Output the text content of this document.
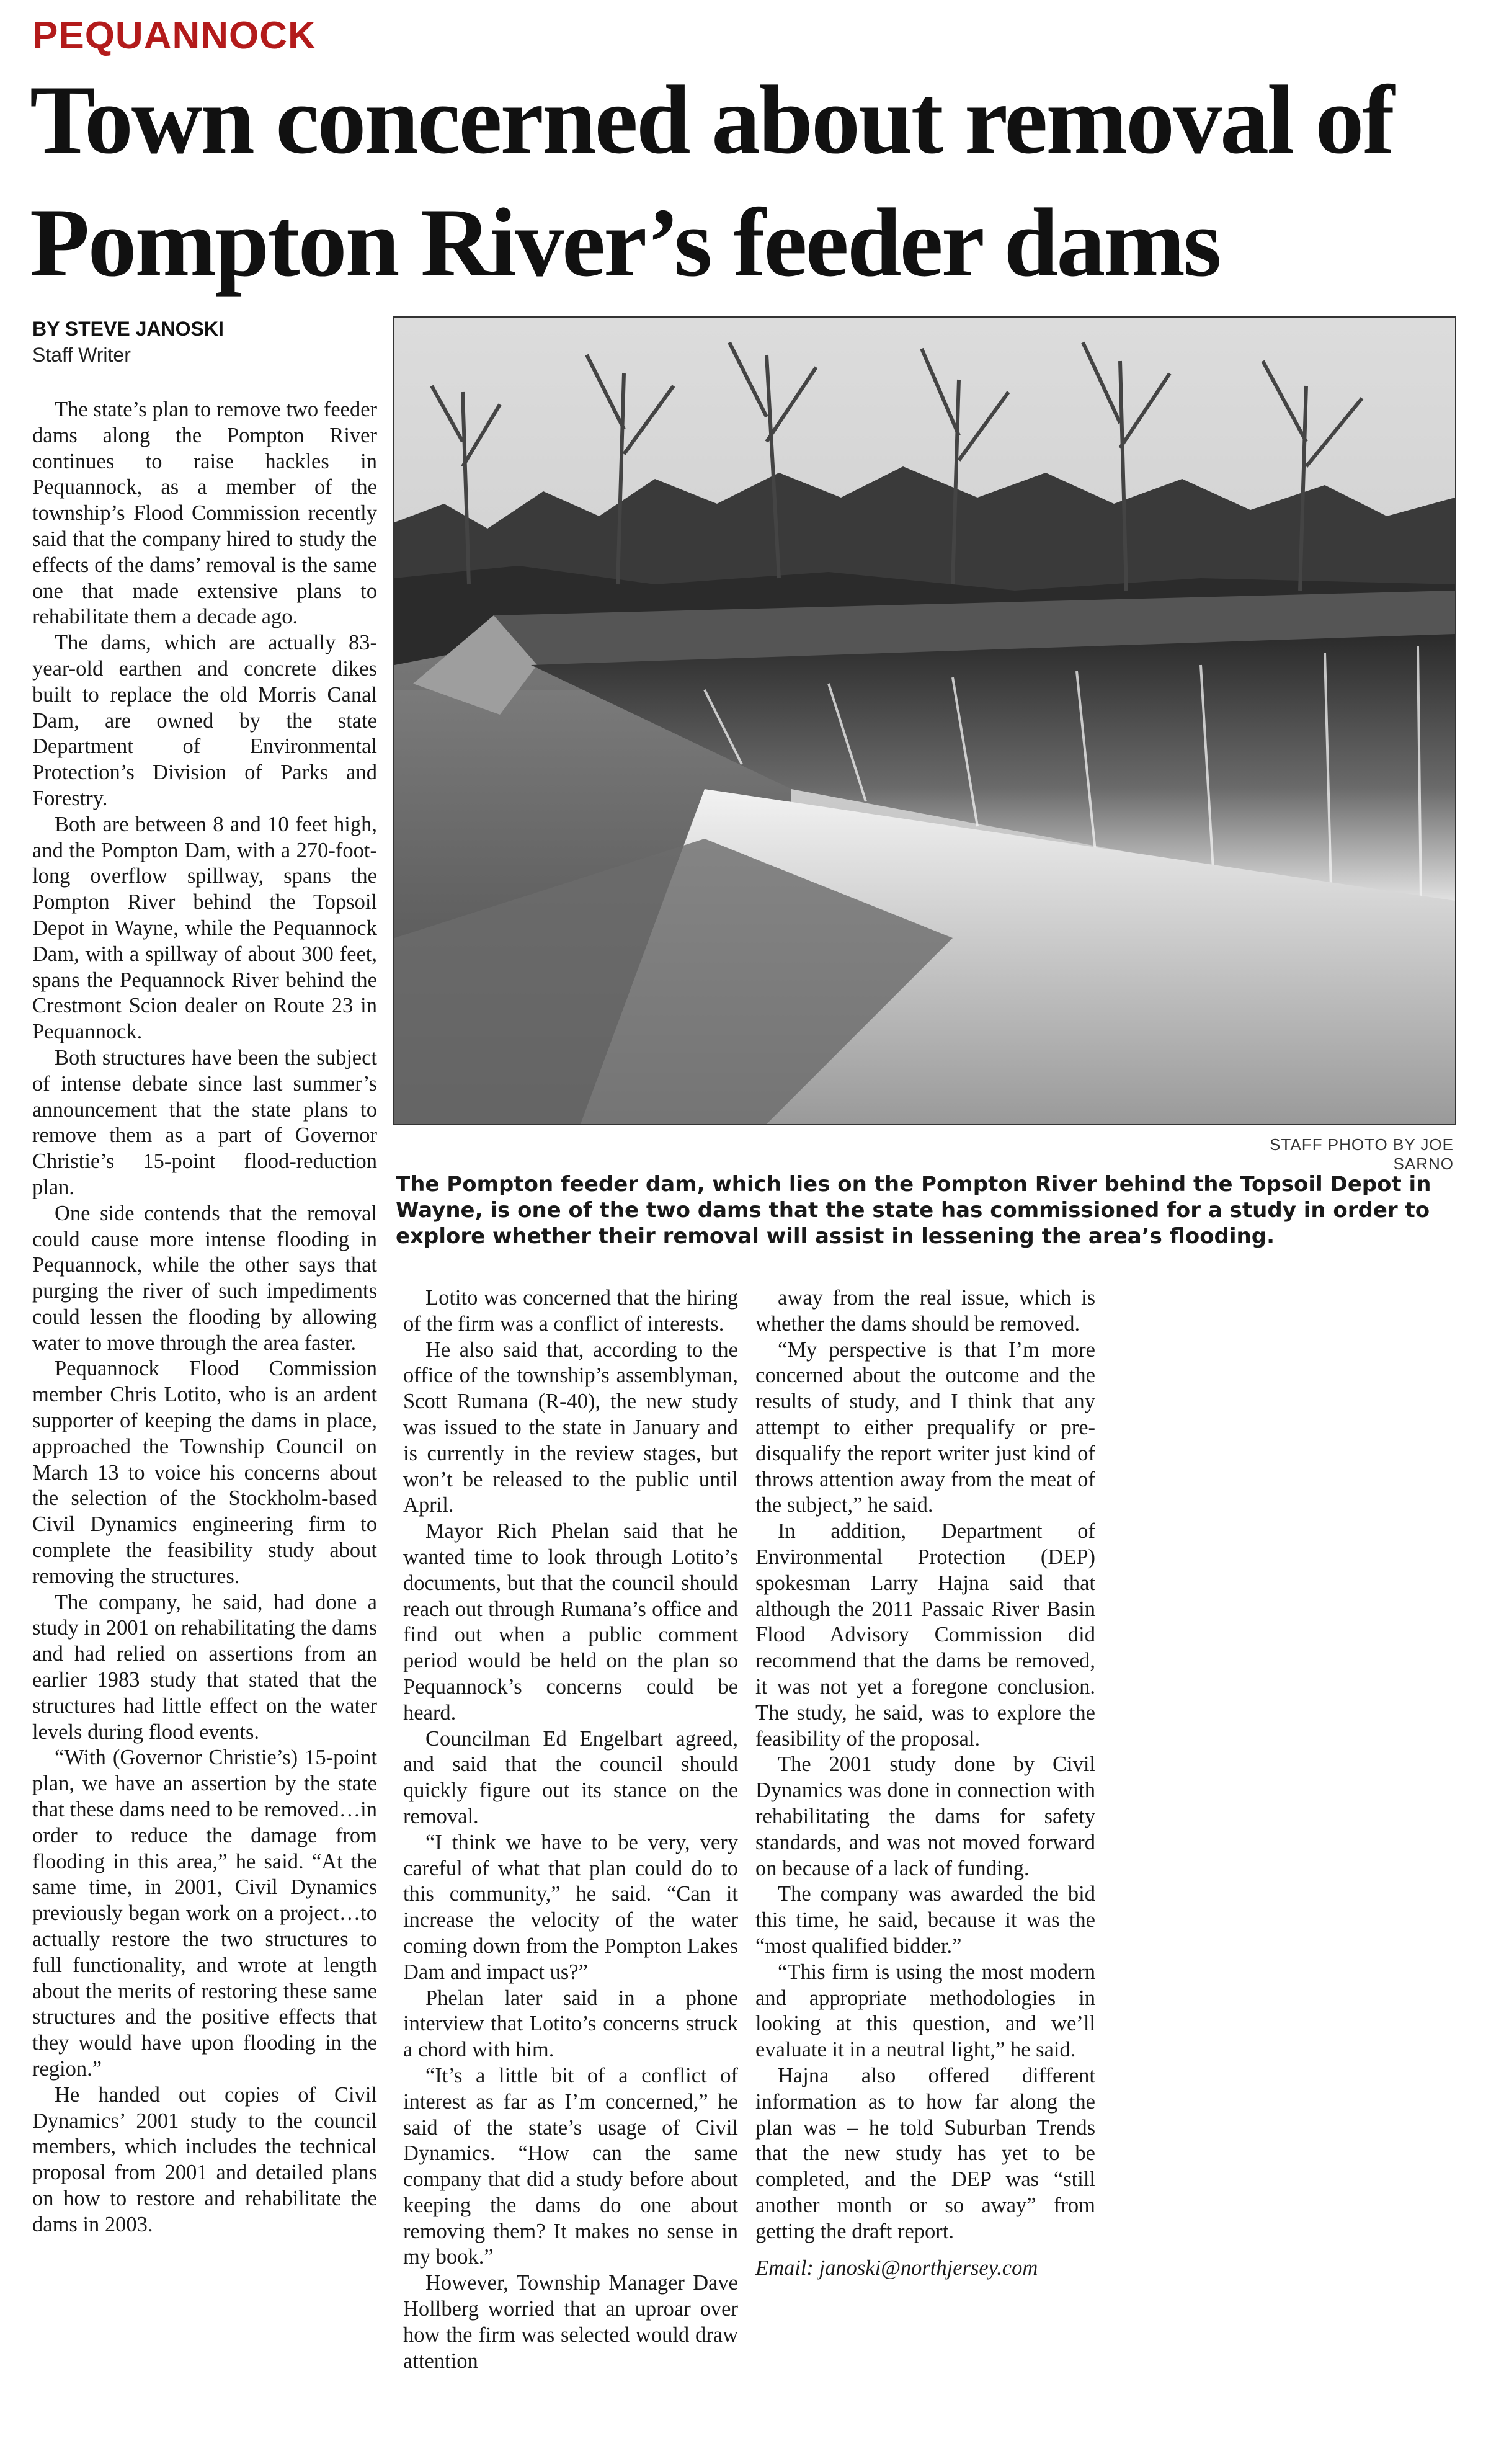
PEQUANNOCK
Town concerned about removal of Pompton River’s feeder dams
BY STEVE JANOSKI
Staff Writer

The state’s plan to remove two feeder dams along the Pompton River continues to raise hackles in Pequannock, as a member of the township’s Flood Commission recently said that the company hired to study the effects of the dams’ removal is the same one that made extensive plans to rehabilitate them a decade ago.

The dams, which are actually 83-year-old earthen and concrete dikes built to replace the old Morris Canal Dam, are owned by the state Department of Environmental Protection’s Division of Parks and Forestry.

Both are between 8 and 10 feet high, and the Pompton Dam, with a 270-foot-long overflow spillway, spans the Pompton River behind the Topsoil Depot in Wayne, while the Pequannock Dam, with a spillway of about 300 feet, spans the Pequannock River behind the Crestmont Scion dealer on Route 23 in Pequannock.

Both structures have been the subject of intense debate since last summer’s announcement that the state plans to remove them as a part of Governor Christie’s 15-point flood-reduction plan.

One side contends that the removal could cause more intense flooding in Pequannock, while the other says that purging the river of such impediments could lessen the flooding by allowing water to move through the area faster.

Pequannock Flood Commission member Chris Lotito, who is an ardent supporter of keeping the dams in place, approached the Township Council on March 13 to voice his concerns about the selection of the Stockholm-based Civil Dynamics engineering firm to complete the feasibility study about removing the structures.

The company, he said, had done a study in 2001 on rehabilitating the dams and had relied on assertions from an earlier 1983 study that stated that the structures had little effect on the water levels during flood events.

“With (Governor Christie’s) 15-point plan, we have an assertion by the state that these dams need to be removed…in order to reduce the damage from flooding in this area,” he said. “At the same time, in 2001, Civil Dynamics previously began work on a project…to actually restore the two structures to full functionality, and wrote at length about the merits of restoring these same structures and the positive effects that they would have upon flooding in the region.”

He handed out copies of Civil Dynamics’ 2001 study to the council members, which includes the technical proposal from 2001 and detailed plans on how to restore and rehabilitate the dams in 2003.

STAFF PHOTO BY JOE SARNO
The Pompton feeder dam, which lies on the Pompton River behind the Topsoil Depot in Wayne, is one of the two dams that the state has commissioned for a study in order to explore whether their removal will assist in lessening the area’s flooding.

Lotito was concerned that the hiring of the firm was a conflict of interests.

He also said that, according to the office of the township’s assemblyman, Scott Rumana (R-40), the new study was issued to the state in January and is currently in the review stages, but won’t be released to the public until April.

Mayor Rich Phelan said that he wanted time to look through Lotito’s documents, but that the council should reach out through Rumana’s office and find out when a public comment period would be held on the plan so Pequannock’s concerns could be heard.

Councilman Ed Engelbart agreed, and said that the council should quickly figure out its stance on the removal.

“I think we have to be very, very careful of what that plan could do to this community,” he said. “Can it increase the velocity of the water coming down from the Pompton Lakes Dam and impact us?”

Phelan later said in a phone interview that Lotito’s concerns struck a chord with him.

“It’s a little bit of a conflict of interest as far as I’m concerned,” he said of the state’s usage of Civil Dynamics. “How can the same company that did a study before about keeping the dams do one about removing them? It makes no sense in my book.”

However, Township Manager Dave Hollberg worried that an uproar over how the firm was selected would draw attention

away from the real issue, which is whether the dams should be removed.

“My perspective is that I’m more concerned about the outcome and the results of study, and I think that any attempt to either prequalify or pre-disqualify the report writer just kind of throws attention away from the meat of the subject,” he said.

In addition, Department of Environmental Protection (DEP) spokesman Larry Hajna said that although the 2011 Passaic River Basin Flood Advisory Commission did recommend that the dams be removed, it was not yet a foregone conclusion. The study, he said, was to explore the feasibility of the proposal.

The 2001 study done by Civil Dynamics was done in connection with rehabilitating the dams for safety standards, and was not moved forward on because of a lack of funding.

The company was awarded the bid this time, he said, because it was the “most qualified bidder.”

“This firm is using the most modern and appropriate methodologies in looking at this question, and we’ll evaluate it in a neutral light,” he said.

Hajna also offered different information as to how far along the plan was – he told Suburban Trends that the new study has yet to be completed, and the DEP was “still another month or so away” from getting the draft report.

Email: janoski@northjersey.com
